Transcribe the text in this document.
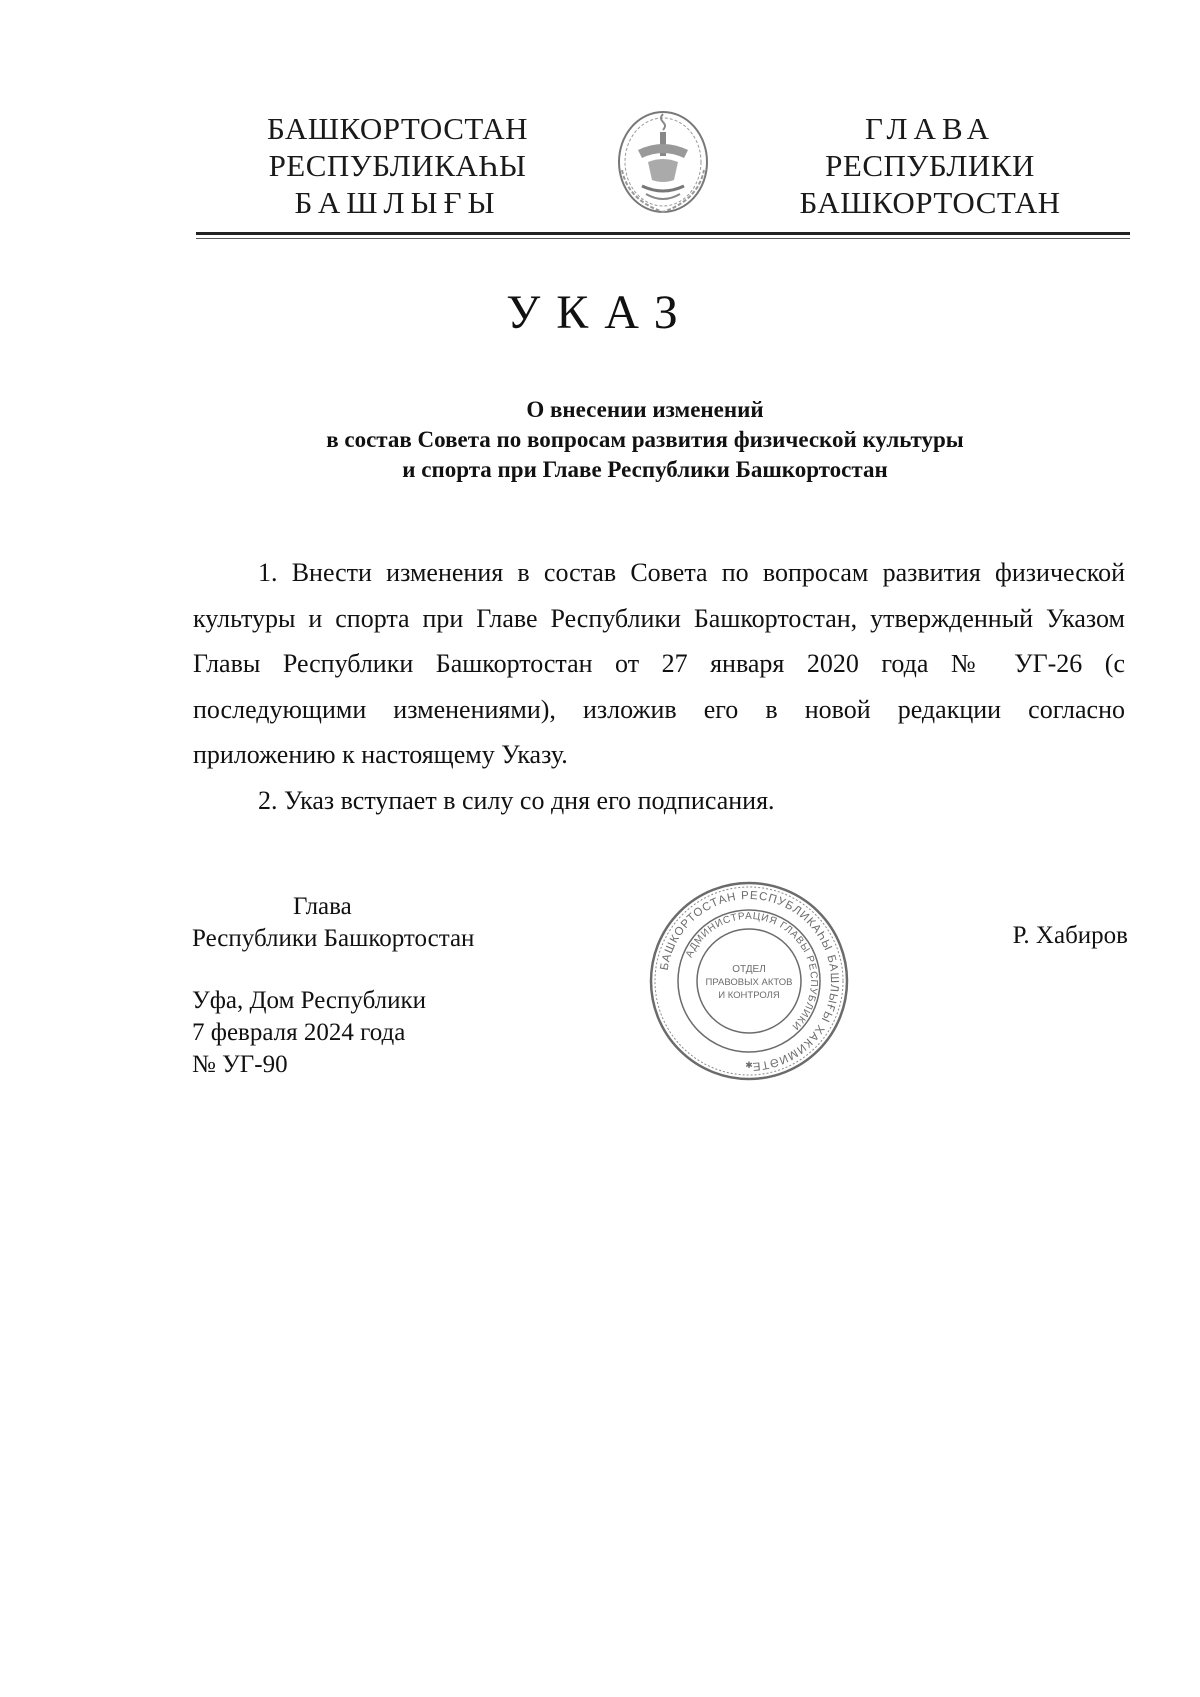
БАШКОРТОСТАН
РЕСПУБЛИКАҺЫ
БАШЛЫҒЫ
ГЛАВА
РЕСПУБЛИКИ
БАШКОРТОСТАН
УКАЗ
О внесении изменений
в состав Совета по вопросам развития физической культуры
и спорта при Главе Республики Башкортостан

1. Внести изменения в состав Совета по вопросам развития физической культуры и спорта при Главе Республики Башкортостан, утвержденный Указом Главы Республики Башкортостан от 27 января 2020 года № УГ-26 (с последующими изменениями), изложив его в новой редакции согласно приложению к настоящему Указу.

2. Указ вступает в силу со дня его подписания.

Глава
Республики Башкортостан
БАШКОРТОСТАН РЕСПУБЛИКАҺЫ БАШЛЫҒЫ ХАКИМИӘТЕ
АДМИНИСТРАЦИЯ ГЛАВЫ РЕСПУБЛИКИ
ОТДЕЛ
ПРАВОВЫХ АКТОВ
И КОНТРОЛЯ
✱
Р. Хабиров
Уфа, Дом Республики
7 февраля 2024 года
№ УГ-90
